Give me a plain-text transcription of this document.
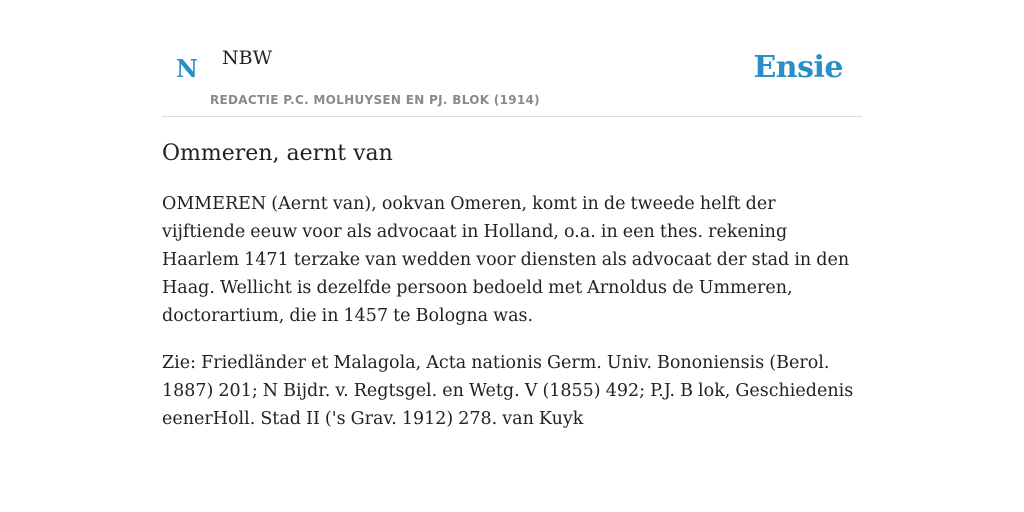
N NBW
REDACTIE P.C. MOLHUYSEN EN PJ. BLOK (1914)
Ensie
Ommeren, aernt van

OMMEREN (Aernt van), ookvan Omeren, komt in de tweede helft der vijftiende eeuw voor als advocaat in Holland, o.a. in een thes. rekening Haarlem 1471 terzake van wedden voor diensten als advocaat der stad in den Haag. Wellicht is dezelfde persoon bedoeld met Arnoldus de Ummeren, doctorartium, die in 1457 te Bologna was.

Zie: Friedländer et Malagola, Acta nationis Germ. Univ. Bononiensis (Berol. 1887) 201; N Bijdr. v. Regtsgel. en Wetg. V (1855) 492; P.J. B lok, Geschiedenis eenerHoll. Stad II ('s Grav. 1912) 278. van Kuyk
